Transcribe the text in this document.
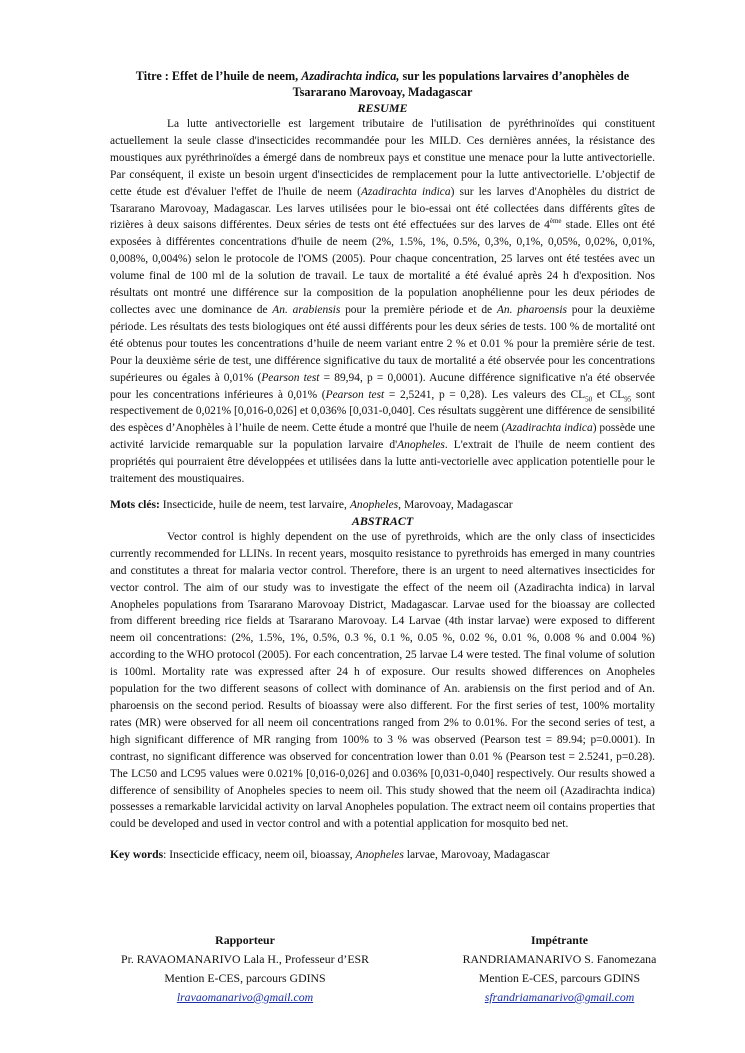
Titre : Effet de l’huile de neem, Azadirachta indica, sur les populations larvaires d’anophèles de
Tsararano Marovoay, Madagascar
RESUME

La lutte antivectorielle est largement tributaire de l'utilisation de pyréthrinoïdes qui constituent actuellement la seule classe d'insecticides recommandée pour les MILD. Ces dernières années, la résistance des moustiques aux pyréthrinoïdes a émergé dans de nombreux pays et constitue une menace pour la lutte antivectorielle. Par conséquent, il existe un besoin urgent d'insecticides de remplacement pour la lutte antivectorielle. L’objectif de cette étude est d'évaluer l'effet de l'huile de neem (Azadirachta indica) sur les larves d'Anophèles du district de Tsararano Marovoay, Madagascar. Les larves utilisées pour le bio-essai ont été collectées dans différents gîtes de rizières à deux saisons différentes. Deux séries de tests ont été effectuées sur des larves de 4ème stade. Elles ont été exposées à différentes concentrations d'huile de neem (2%, 1.5%, 1%, 0.5%, 0,3%, 0,1%, 0,05%, 0,02%, 0,01%, 0,008%, 0,004%) selon le protocole de l'OMS (2005). Pour chaque concentration, 25 larves ont été testées avec un volume final de 100 ml de la solution de travail. Le taux de mortalité a été évalué après 24 h d'exposition. Nos résultats ont montré une différence sur la composition de la population anophélienne pour les deux périodes de collectes avec une dominance de An. arabiensis pour la première période et de An. pharoensis pour la deuxième période. Les résultats des tests biologiques ont été aussi différents pour les deux séries de tests. 100 % de mortalité ont été obtenus pour toutes les concentrations d’huile de neem variant entre 2 % et 0.01 % pour la première série de test. Pour la deuxième série de test, une différence significative du taux de mortalité a été observée pour les concentrations supérieures ou égales à 0,01% (Pearson test = 89,94, p = 0,0001). Aucune différence significative n'a été observée pour les concentrations inférieures à 0,01% (Pearson test = 2,5241, p = 0,28). Les valeurs des $CL_{50}$ et $CL_{95}$ sont respectivement de 0,021% [0,016-0,026] et 0,036% [0,031-0,040]. Ces résultats suggèrent une différence de sensibilité des espèces d’Anophèles à l’huile de neem. Cette étude a montré que l'huile de neem (Azadirachta indica) possède une activité larvicide remarquable sur la population larvaire d'Anopheles. L'extrait de l'huile de neem contient des propriétés qui pourraient être développées et utilisées dans la lutte anti-vectorielle avec application potentielle pour le traitement des moustiquaires.

Mots clés: Insecticide, huile de neem, test larvaire, Anopheles, Marovoay, Madagascar

ABSTRACT

Vector control is highly dependent on the use of pyrethroids, which are the only class of insecticides currently recommended for LLINs. In recent years, mosquito resistance to pyrethroids has emerged in many countries and constitutes a threat for malaria vector control. Therefore, there is an urgent to need alternatives insecticides for vector control. The aim of our study was to investigate the effect of the neem oil (Azadirachta indica) in larval Anopheles populations from Tsararano Marovoay District, Madagascar. Larvae used for the bioassay are collected from different breeding rice fields at Tsararano Marovoay. L4 Larvae (4th instar larvae) were exposed to different neem oil concentrations: (2%, 1.5%, 1%, 0.5%, 0.3 %, 0.1 %, 0.05 %, 0.02 %, 0.01 %, 0.008 % and 0.004 %) according to the WHO protocol (2005). For each concentration, 25 larvae L4 were tested. The final volume of solution is 100ml. Mortality rate was expressed after 24 h of exposure. Our results showed differences on Anopheles population for the two different seasons of collect with dominance of An. arabiensis on the first period and of An. pharoensis on the second period. Results of bioassay were also different. For the first series of test, 100% mortality rates (MR) were observed for all neem oil concentrations ranged from 2% to 0.01%. For the second series of test, a high significant difference of MR ranging from 100% to 3 % was observed (Pearson test = 89.94; p=0.0001). In contrast, no significant difference was observed for concentration lower than 0.01 % (Pearson test = 2.5241, p=0.28). The LC50 and LC95 values were 0.021% [0,016-0,026] and 0.036% [0,031-0,040] respectively. Our results showed a difference of sensibility of Anopheles species to neem oil. This study showed that the neem oil (Azadirachta indica) possesses a remarkable larvicidal activity on larval Anopheles population. The extract neem oil contains properties that could be developed and used in vector control and with a potential application for mosquito bed net.

Key words: Insecticide efficacy, neem oil, bioassay, Anopheles larvae, Marovoay, Madagascar

Rapporteur
Pr. RAVAOMANARIVO Lala H., Professeur d’ESR
Mention E-CES, parcours GDINS
lravaomanarivo@gmail.com
Impétrante
RANDRIAMANARIVO S. Fanomezana
Mention E-CES, parcours GDINS
sfrandriamanarivo@gmail.com
